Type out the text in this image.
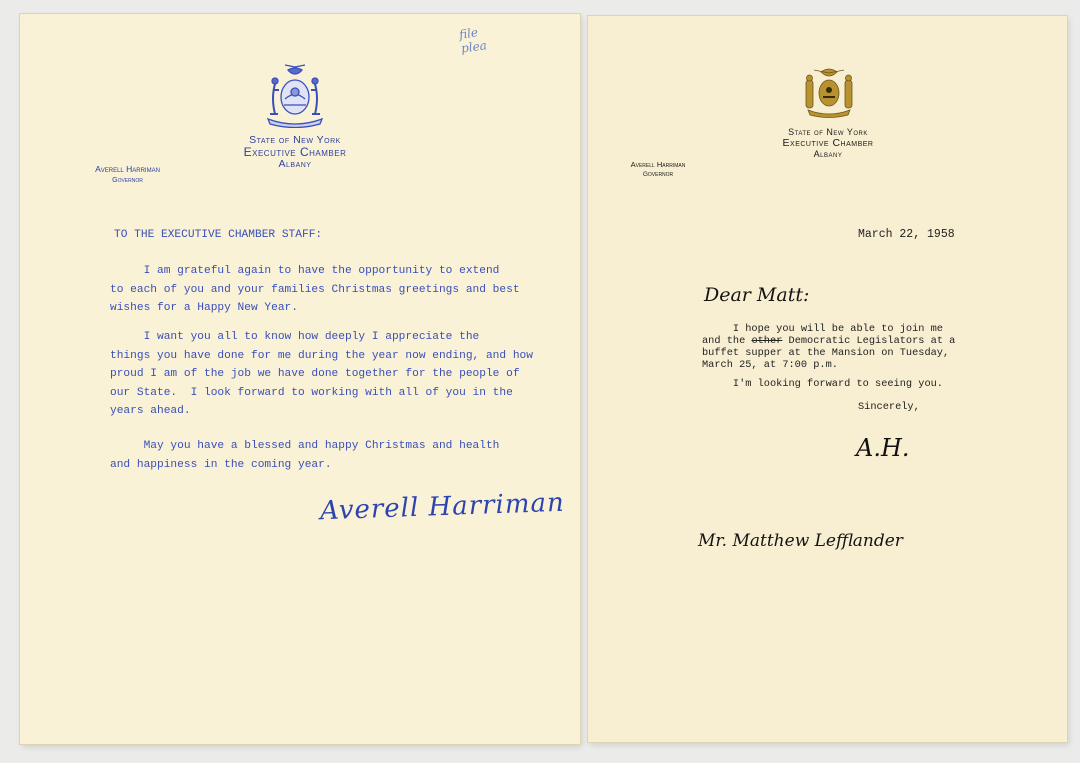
file
plea
State of New York
Executive Chamber
Albany
Averell Harriman
Governor
TO THE EXECUTIVE CHAMBER STAFF:
I am grateful again to have the opportunity to extend
to each of you and your families Christmas greetings and best
wishes for a Happy New Year.
I want you all to know how deeply I appreciate the
things you have done for me during the year now ending, and how
proud I am of the job we have done together for the people of
our State.  I look forward to working with all of you in the
years ahead.
May you have a blessed and happy Christmas and health
and happiness in the coming year.
Averell Harriman
State of New York
Executive Chamber
Albany
Averell Harriman
Governor
March 22, 1958
Dear Matt:
I hope you will be able to join me
and the other Democratic Legislators at a
buffet supper at the Mansion on Tuesday,
March 25, at 7:00 p.m.
I'm looking forward to seeing you.
Sincerely,
A.H.
Mr. Matthew Lefflander
